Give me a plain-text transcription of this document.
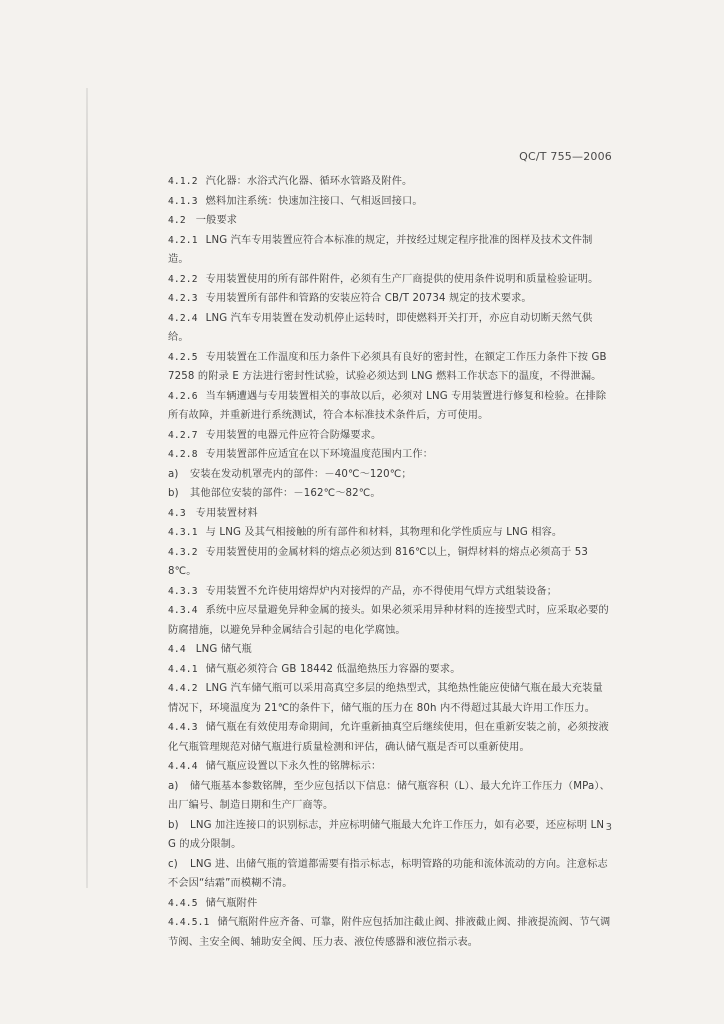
QC/T 755—2006

4.1.2 汽化器：水浴式汽化器、循环水管路及附件。

4.1.3 燃料加注系统：快速加注接口、气相返回接口。

4.2 一般要求

4.2.1 LNG 汽车专用装置应符合本标准的规定，并按经过规定程序批准的图样及技术文件制造。

4.2.2 专用装置使用的所有部件附件，必须有生产厂商提供的使用条件说明和质量检验证明。

4.2.3 专用装置所有部件和管路的安装应符合 CB/T 20734 规定的技术要求。

4.2.4 LNG 汽车专用装置在发动机停止运转时，即使燃料开关打开，亦应自动切断天然气供给。

4.2.5 专用装置在工作温度和压力条件下必须具有良好的密封性，在额定工作压力条件下按 GB 7258 的附录 E 方法进行密封性试验，试验必须达到 LNG 燃料工作状态下的温度，不得泄漏。

4.2.6 当车辆遭遇与专用装置相关的事故以后，必须对 LNG 专用装置进行修复和检验。在排除所有故障，并重新进行系统测试，符合本标准技术条件后，方可使用。

4.2.7 专用装置的电器元件应符合防爆要求。

4.2.8 专用装置部件应适宜在以下环境温度范围内工作：

a) 安装在发动机罩壳内的部件：－40℃～120℃；

b) 其他部位安装的部件：－162℃～82℃。

4.3 专用装置材料

4.3.1 与 LNG 及其气相接触的所有部件和材料，其物理和化学性质应与 LNG 相容。

4.3.2 专用装置使用的金属材料的熔点必须达到 816℃以上，铜焊材料的熔点必须高于 538℃。

4.3.3 专用装置不允许使用熔焊炉内对接焊的产品，亦不得使用气焊方式组装设备；

4.3.4 系统中应尽量避免异种金属的接头。如果必须采用异种材料的连接型式时，应采取必要的防腐措施，以避免异种金属结合引起的电化学腐蚀。

4.4 LNG 储气瓶

4.4.1 储气瓶必须符合 GB 18442 低温绝热压力容器的要求。

4.4.2 LNG 汽车储气瓶可以采用高真空多层的绝热型式，其绝热性能应使储气瓶在最大充装量情况下，环境温度为 21℃的条件下，储气瓶的压力在 80h 内不得超过其最大许用工作压力。

4.4.3 储气瓶在有效使用寿命期间，允许重新抽真空后继续使用，但在重新安装之前，必须按液化气瓶管理规范对储气瓶进行质量检测和评估，确认储气瓶是否可以重新使用。

4.4.4 储气瓶应设置以下永久性的铭牌标示：

a) 储气瓶基本参数铭牌，至少应包括以下信息：储气瓶容积（L）、最大允许工作压力（MPa）、出厂编号、制造日期和生产厂商等。

b) LNG 加注连接口的识别标志，并应标明储气瓶最大允许工作压力，如有必要，还应标明 LNG 的成分限制。

c) LNG 进、出储气瓶的管道都需要有指示标志，标明管路的功能和流体流动的方向。注意标志不会因“结霜”而模糊不清。

4.4.5 储气瓶附件

4.4.5.1 储气瓶附件应齐备、可靠，附件应包括加注截止阀、排液截止阀、排液提流阀、节气调节阀、主安全阀、辅助安全阀、压力表、液位传感器和液位指示表。

3
